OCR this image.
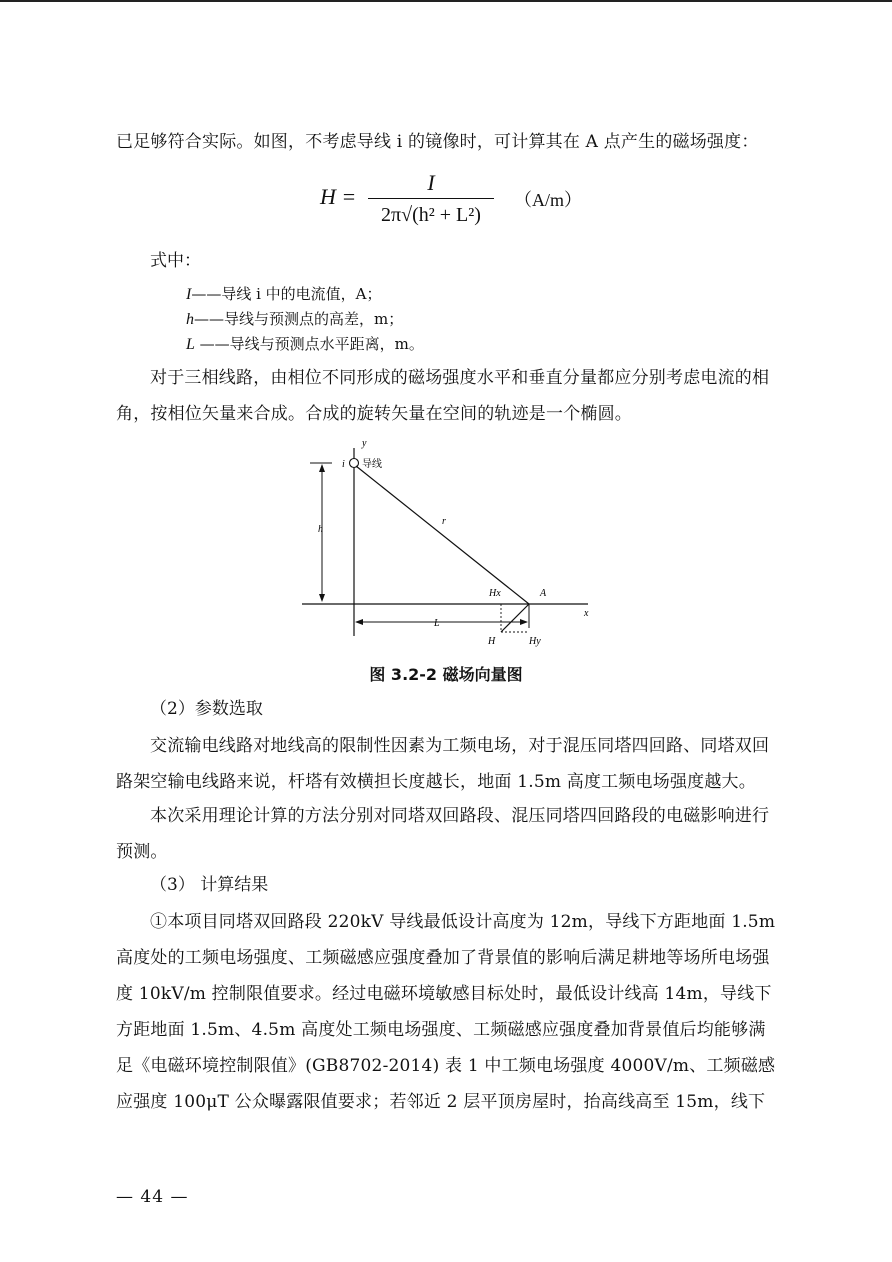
已足够符合实际。如图，不考虑导线 i 的镜像时，可计算其在 A 点产生的磁场强度：
H =
I
2π√(h² + L²)
（A/m）
式中：
I——导线 i 中的电流值，A；
h——导线与预测点的高差，m；
L ——导线与预测点水平距离，m。
对于三相线路，由相位不同形成的磁场强度水平和垂直分量都应分别考虑电流的相角，按相位矢量来合成。合成的旋转矢量在空间的轨迹是一个椭圆。
y
x
i 导线
r
h
L
A
Hx
H	Hy
图 3.2-2 磁场向量图
（2）参数选取
交流输电线路对地线高的限制性因素为工频电场，对于混压同塔四回路、同塔双回路架空输电线路来说，杆塔有效横担长度越长，地面 1.5m 高度工频电场强度越大。
本次采用理论计算的方法分别对同塔双回路段、混压同塔四回路段的电磁影响进行预测。
（3） 计算结果
①本项目同塔双回路段 220kV 导线最低设计高度为 12m，导线下方距地面 1.5m 高度处的工频电场强度、工频磁感应强度叠加了背景值的影响后满足耕地等场所电场强度 10kV/m 控制限值要求。经过电磁环境敏感目标处时，最低设计线高 14m，导线下方距地面 1.5m、4.5m 高度处工频电场强度、工频磁感应强度叠加背景值后均能够满足《电磁环境控制限值》(GB8702-2014) 表 1 中工频电场强度 4000V/m、工频磁感应强度 100μT 公众曝露限值要求；若邻近 2 层平顶房屋时，抬高线高至 15m，线下
— 44 —
